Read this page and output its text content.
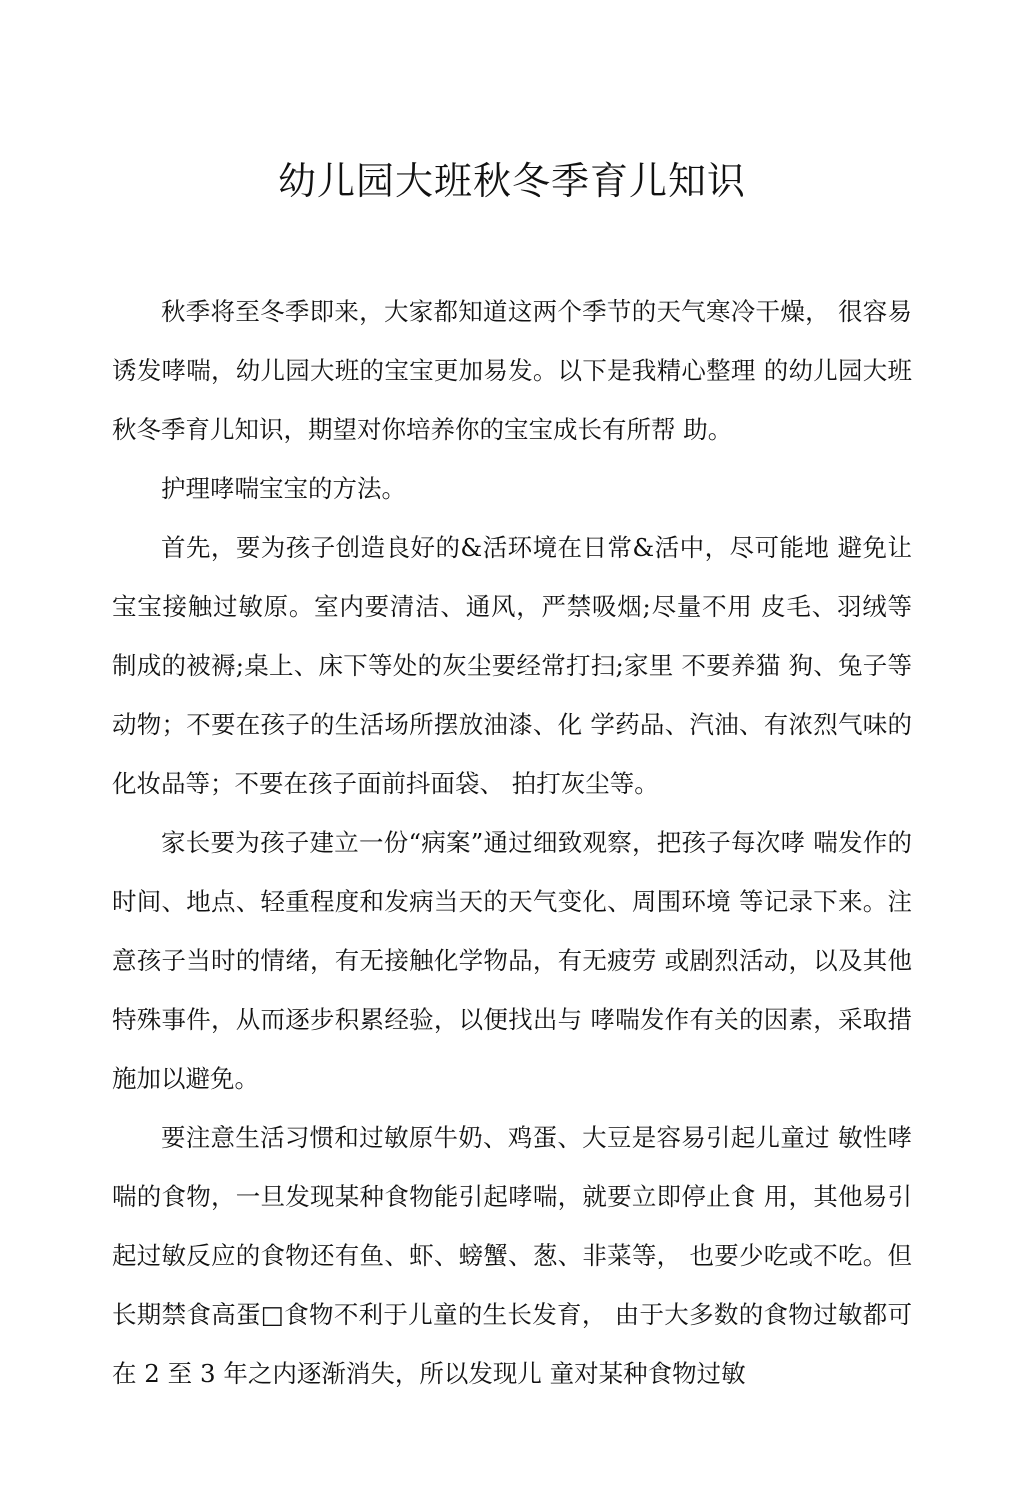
幼儿园大班秋冬季育儿知识

秋季将至冬季即来，大家都知道这两个季节的天气寒冷干燥， 很容易诱发哮喘，幼儿园大班的宝宝更加易发。以下是我精心整理 的幼儿园大班秋冬季育儿知识，期望对你培养你的宝宝成长有所帮 助。

护理哮喘宝宝的方法。

首先，要为孩子创造良好的&活环境在日常&活中，尽可能地 避免让宝宝接触过敏原。室内要清洁、通风，严禁吸烟;尽量不用 皮毛、羽绒等制成的被褥;桌上、床下等处的灰尘要经常打扫;家里 不要养猫 狗、兔子等动物；不要在孩子的生活场所摆放油漆、化 学药品、汽油、有浓烈气味的化妆品等；不要在孩子面前抖面袋、 拍打灰尘等。

家长要为孩子建立一份“病案”通过细致观察，把孩子每次哮 喘发作的时间、地点、轻重程度和发病当天的天气变化、周围环境 等记录下来。注意孩子当时的情绪，有无接触化学物品，有无疲劳 或剧烈活动，以及其他特殊事件，从而逐步积累经验，以便找出与 哮喘发作有关的因素，采取措施加以避免。

要注意生活习惯和过敏原牛奶、鸡蛋、大豆是容易引起儿童过 敏性哮喘的食物，一旦发现某种食物能引起哮喘，就要立即停止食 用，其他易引起过敏反应的食物还有鱼、虾、螃蟹、葱、非菜等， 也要少吃或不吃。但长期禁食高蛋□食物不利于儿童的生长发育， 由于大多数的食物过敏都可在 2 至 3 年之内逐渐消失，所以发现儿 童对某种食物过敏
